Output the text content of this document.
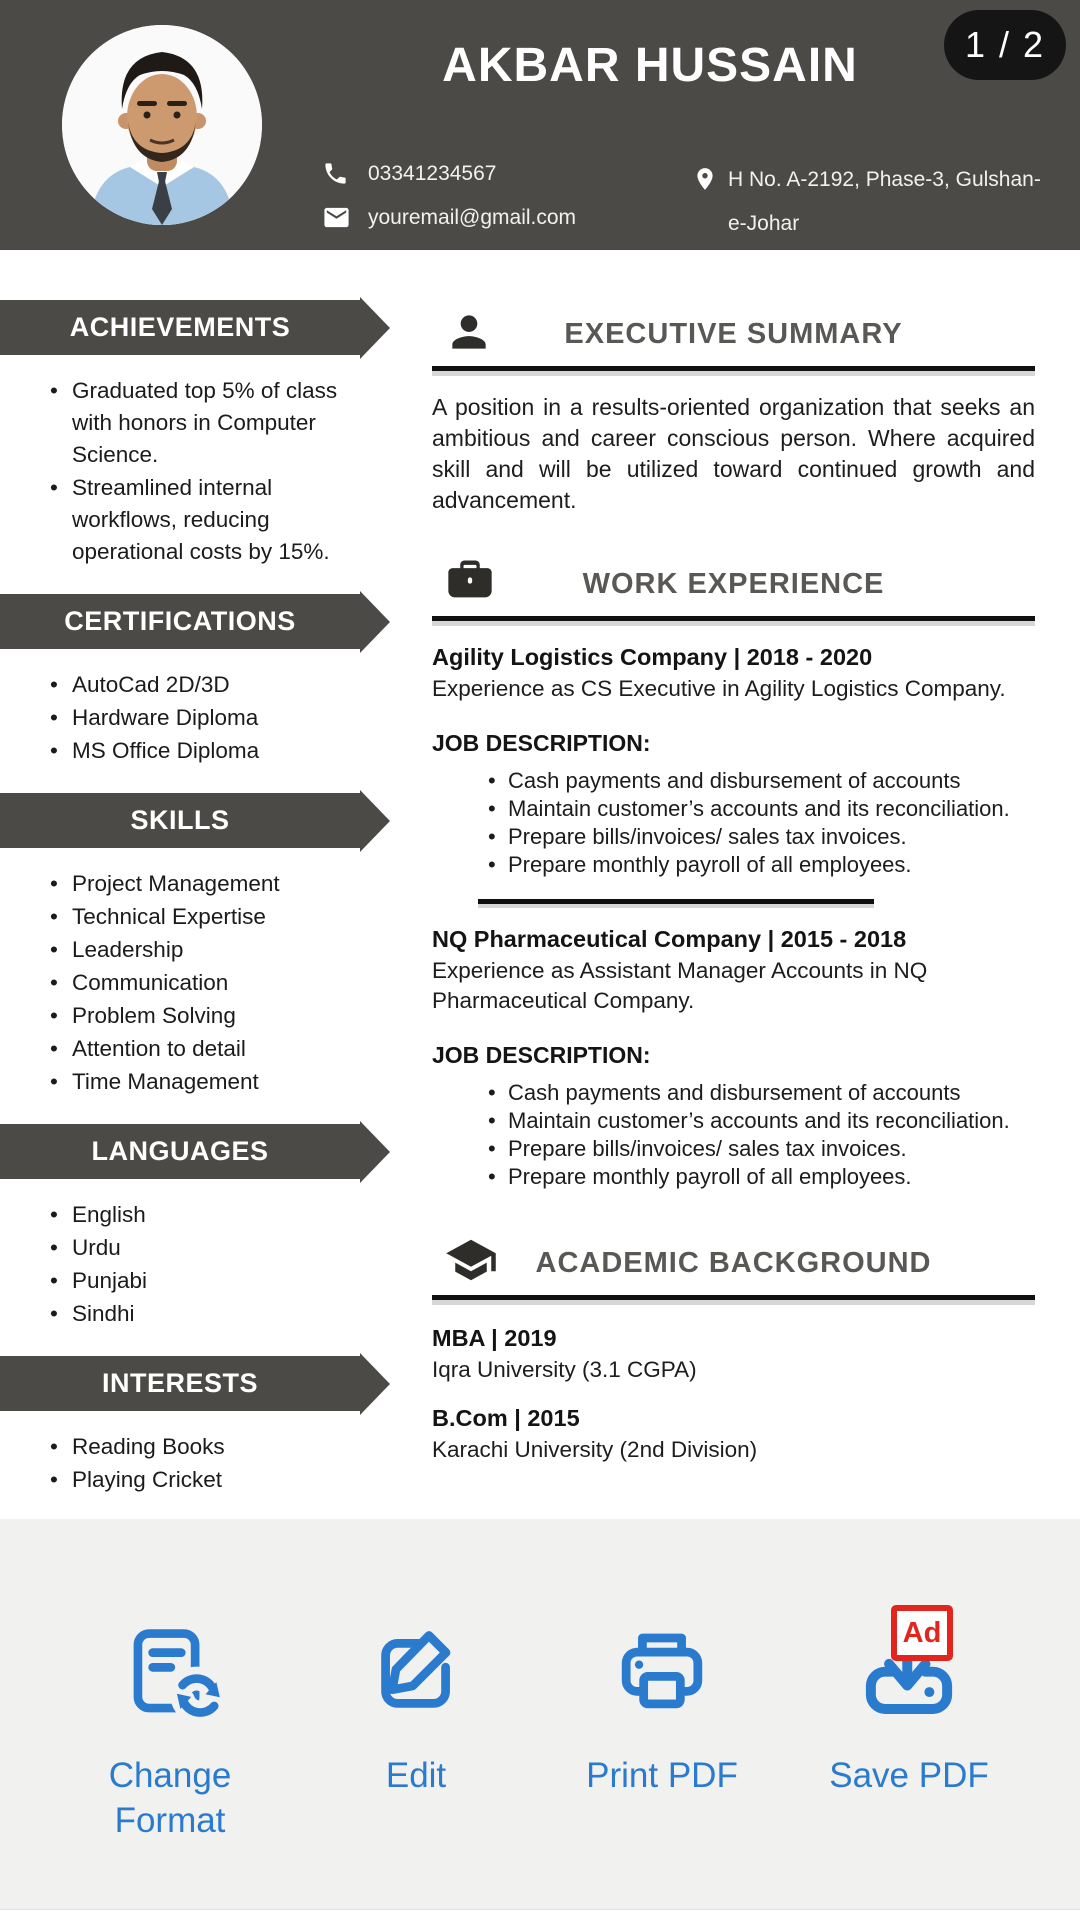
AKBAR HUSSAIN
03341234567
youremail@gmail.com
H No. A-2192, Phase-3, Gulshan-e-Johar
1 / 2
ACHIEVEMENTS
• Graduated top 5% of class with honors in Computer Science.
• Streamlined internal workflows, reducing operational costs by 15%.
CERTIFICATIONS
• AutoCad 2D/3D
• Hardware Diploma
• MS Office Diploma
SKILLS
• Project Management
• Technical Expertise
• Leadership
• Communication
• Problem Solving
• Attention to detail
• Time Management
LANGUAGES
• English
• Urdu
• Punjabi
• Sindhi
INTERESTS
• Reading Books
• Playing Cricket
EXECUTIVE SUMMARY

A position in a results-oriented organization that seeks an ambitious and career conscious person. Where acquired skill and will be utilized toward continued growth and advancement.

WORK EXPERIENCE
Agility Logistics Company | 2018 - 2020
Experience as CS Executive in Agility Logistics Company.
JOB DESCRIPTION:
• Cash payments and disbursement of accounts
• Maintain customer’s accounts and its reconciliation.
• Prepare bills/invoices/ sales tax invoices.
• Prepare monthly payroll of all employees.
NQ Pharmaceutical Company | 2015 - 2018
Experience as Assistant Manager Accounts in NQ Pharmaceutical Company.
JOB DESCRIPTION:
• Cash payments and disbursement of accounts
• Maintain customer’s accounts and its reconciliation.
• Prepare bills/invoices/ sales tax invoices.
• Prepare monthly payroll of all employees.
ACADEMIC BACKGROUND
MBA | 2019
Iqra University (3.1 CGPA)
B.Com | 2015
Karachi University (2nd Division)
Change Format
Edit	Print PDF
Ad
Save PDF
